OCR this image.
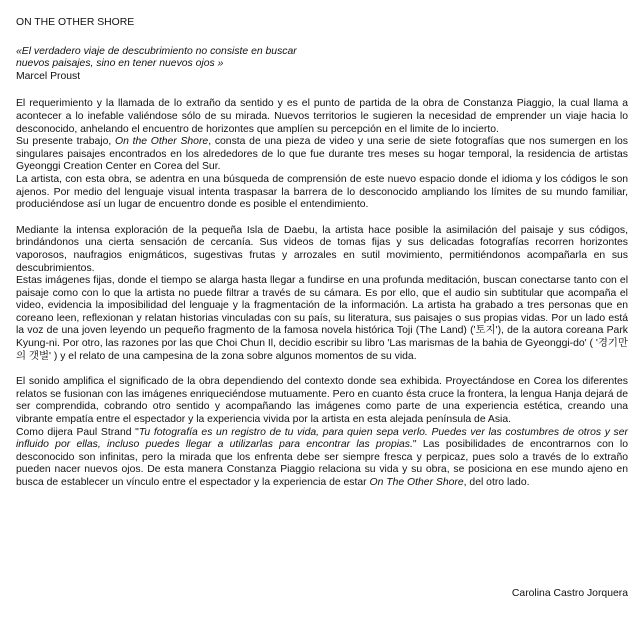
ON THE OTHER SHORE

«El verdadero viaje de descubrimiento no consiste en buscar
nuevos paisajes, sino en tener nuevos ojos »

Marcel Proust

El requerimiento y la llamada de lo extraño da sentido y es el punto de partida de la obra de Constanza Piaggio, la cual llama a acontecer a lo inefable valiéndose sólo de su mirada. Nuevos territorios le sugieren la necesidad de emprender un viaje hacia lo desconocido, anhelando el encuentro de horizontes que amplíen su percepción en el limite de lo incierto.

Su presente trabajo, On the Other Shore, consta de una pieza de video y una serie de siete fotografías que nos sumergen en los singulares paisajes encontrados en los alrededores de lo que fue durante tres meses su hogar temporal, la residencia de artistas Gyeonggi Creation Center en Corea del Sur.

La artista, con esta obra, se adentra en una búsqueda de comprensión de este nuevo espacio donde el idioma y los códigos le son ajenos. Por medio del lenguaje visual intenta traspasar la barrera de lo desconocido ampliando los límites de su mundo familiar, produciéndose así un lugar de encuentro donde es posible el entendimiento.

Mediante la intensa exploración de la pequeña Isla de Daebu, la artista hace posible la asimilación del paisaje y sus códigos, brindándonos una cierta sensación de cercanía. Sus videos de tomas fijas y sus delicadas fotografías recorren horizontes vaporosos, naufragios enigmáticos, sugestivas frutas y arrozales en sutil movimiento, permitiéndonos acompañarla en sus descubrimientos.

Estas imágenes fijas, donde el tiempo se alarga hasta llegar a fundirse en una profunda meditación, buscan conectarse tanto con el paisaje como con lo que la artista no puede filtrar a través de su cámara. Es por ello, que el audio sin subtitular que acompaña el video, evidencia la imposibilidad del lenguaje y la fragmentación de la información. La artista ha grabado a tres personas que en coreano leen, reflexionan y relatan historias vinculadas con su país, su literatura, sus paisajes o sus propias vidas. Por un lado está la voz de una joven leyendo un pequeño fragmento de la famosa novela histórica Toji (The Land) ('토지'), de la autora coreana Park Kyung-ni. Por otro, las razones por las que Choi Chun Il, decidio escribir su libro 'Las marismas de la bahia de Gyeonggi-do' ( '경기만의 갯벌' ) y el relato de una campesina de la zona sobre algunos momentos de su vida.

El sonido amplifica el significado de la obra dependiendo del contexto donde sea exhibida. Proyectándose en Corea los diferentes relatos se fusionan con las imágenes enriqueciéndose mutuamente. Pero en cuanto ésta cruce la frontera, la lengua Hanja dejará de ser comprendida, cobrando otro sentido y acompañando las imágenes como parte de una experiencia estética, creando una vibrante empatía entre el espectador y la experiencia vivida por la artista en esta alejada península de Asia.

Como dijera Paul Strand "Tu fotografía es un registro de tu vida, para quien sepa verlo. Puedes ver las costumbres de otros y ser influido por ellas, incluso puedes llegar a utilizarlas para encontrar las propias." Las posibilidades de encontrarnos con lo desconocido son infinitas, pero la mirada que los enfrenta debe ser siempre fresca y perpicaz, pues solo a través de lo extraño pueden nacer nuevos ojos. De esta manera Constanza Piaggio relaciona su vida y su obra, se posiciona en ese mundo ajeno en busca de establecer un vínculo entre el espectador y la experiencia de estar On The Other Shore, del otro lado.

Carolina Castro Jorquera
